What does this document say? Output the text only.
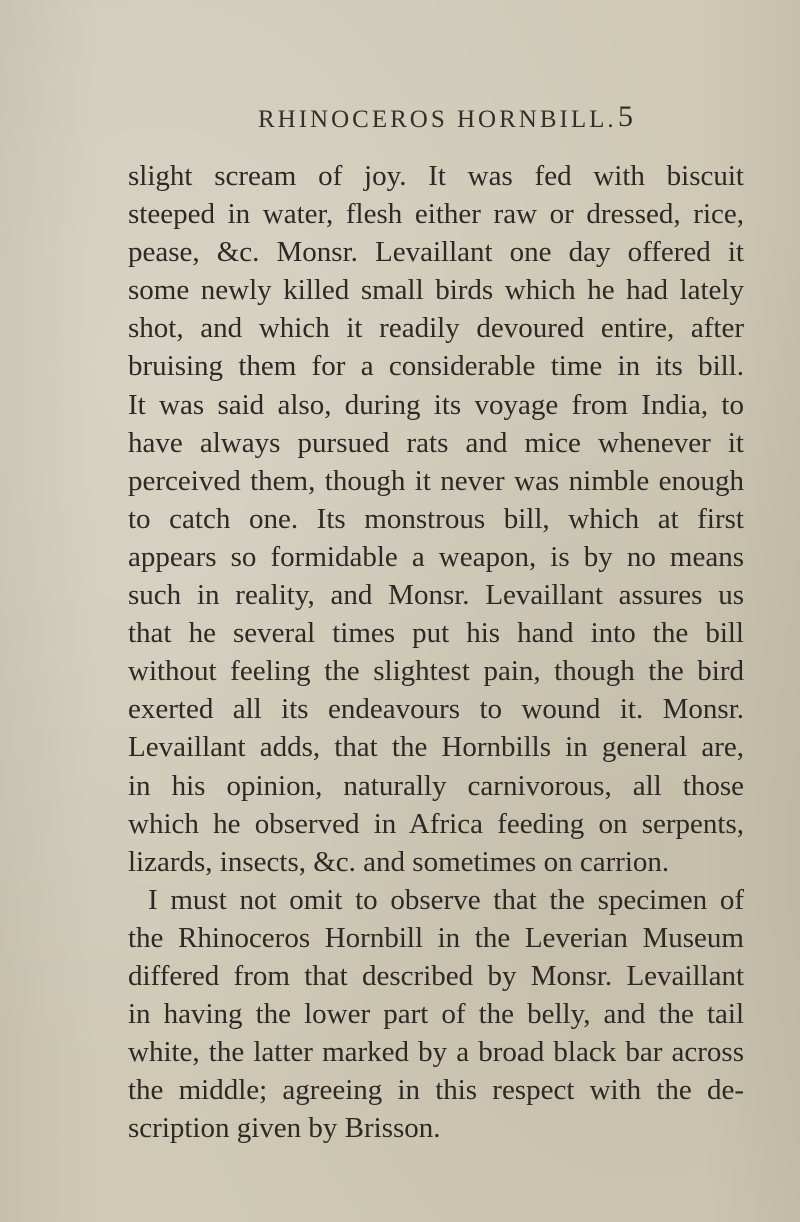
RHINOCEROS HORNBILL. 5
slight scream of joy. It was fed with biscuit
steeped in water, flesh either raw or dressed, rice,
pease, &c. Monsr. Levaillant one day offered it
some newly killed small birds which he had lately
shot, and which it readily devoured entire, after
bruising them for a considerable time in its bill.
It was said also, during its voyage from India, to
have always pursued rats and mice whenever it
perceived them, though it never was nimble enough
to catch one. Its monstrous bill, which at first
appears so formidable a weapon, is by no means
such in reality, and Monsr. Levaillant assures us
that he several times put his hand into the bill
without feeling the slightest pain, though the bird
exerted all its endeavours to wound it. Monsr.
Levaillant adds, that the Hornbills in general are,
in his opinion, naturally carnivorous, all those
which he observed in Africa feeding on serpents,
lizards, insects, &c. and sometimes on carrion.
I must not omit to observe that the specimen of
the Rhinoceros Hornbill in the Leverian Museum
differed from that described by Monsr. Levaillant
in having the lower part of the belly, and the tail
white, the latter marked by a broad black bar across
the middle; agreeing in this respect with the de-
scription given by Brisson.
